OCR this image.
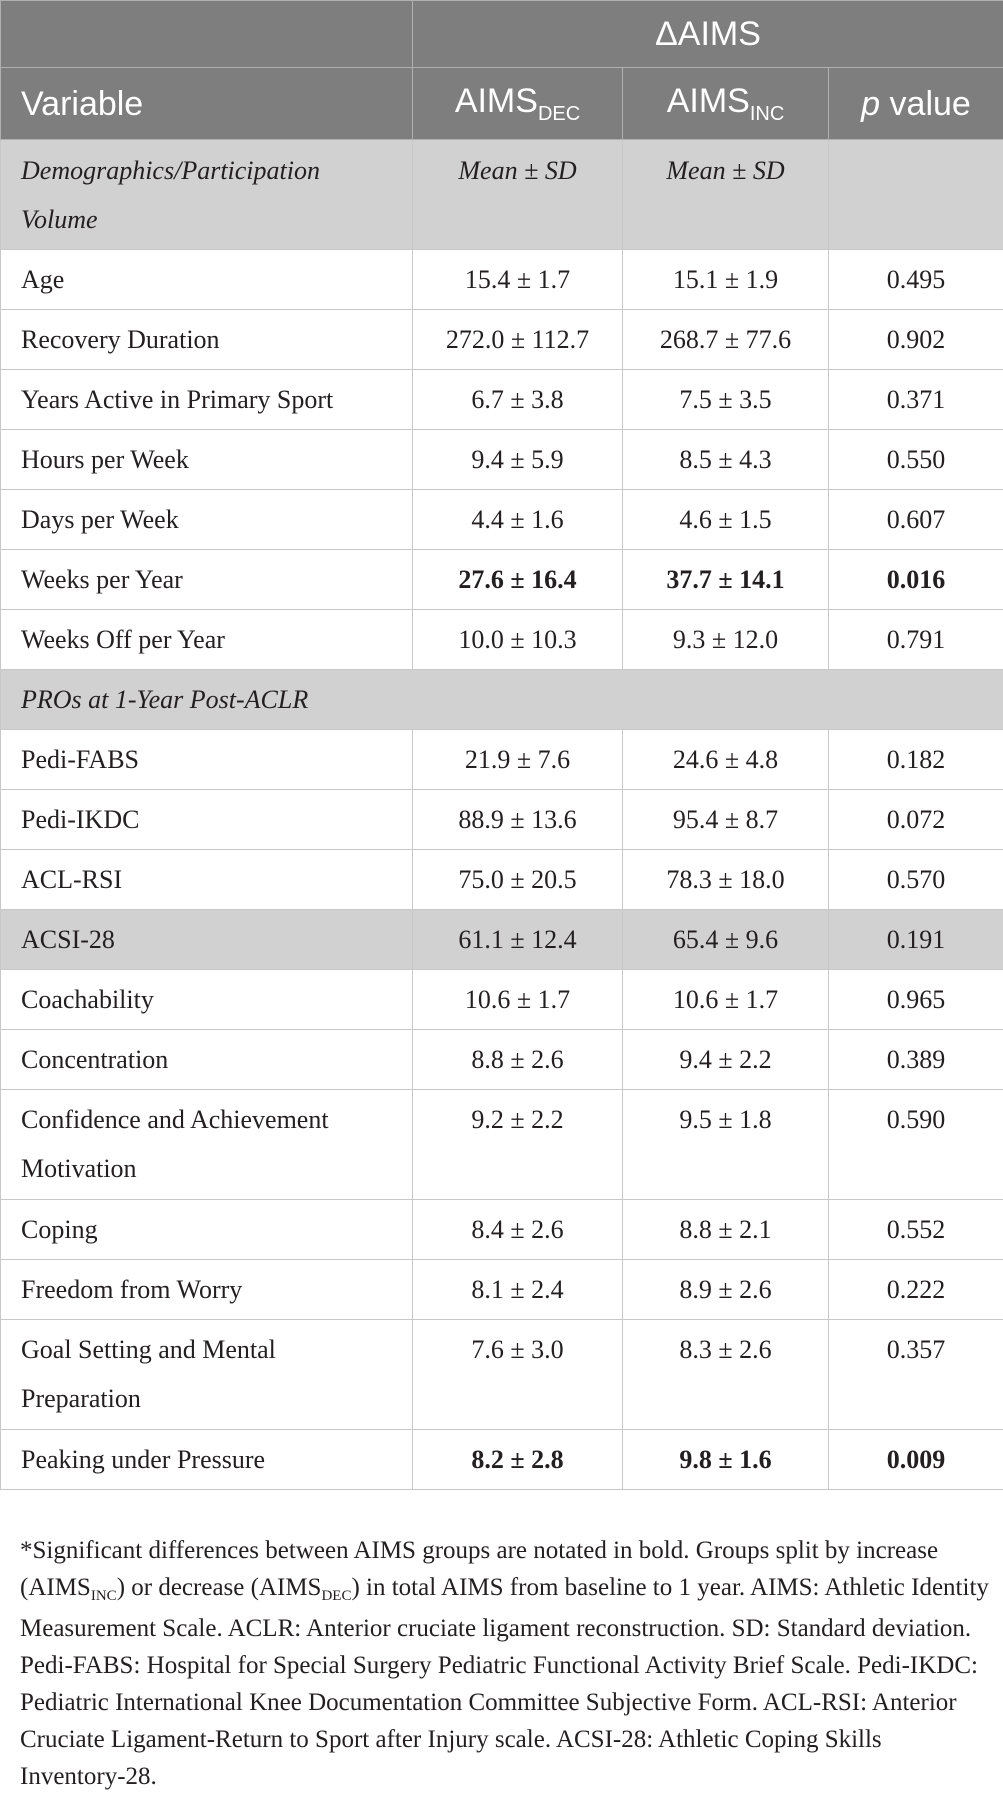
	ΔAIMS		
Variable	$AIMS_{DEC}$	$AIMS_{INC}$	p value
Demographics/Participation
Volume	Mean ± SD	Mean ± SD	
Age	15.4 ± 1.7	15.1 ± 1.9	0.495
Recovery Duration	272.0 ± 112.7	268.7 ± 77.6	0.902
Years Active in Primary Sport	6.7 ± 3.8	7.5 ± 3.5	0.371
Hours per Week	9.4 ± 5.9	8.5 ± 4.3	0.550
Days per Week	4.4 ± 1.6	4.6 ± 1.5	0.607
Weeks per Year	27.6 ± 16.4	37.7 ± 14.1	0.016
Weeks Off per Year	10.0 ± 10.3	9.3 ± 12.0	0.791
PROs at 1-Year Post-ACLR			
Pedi-FABS	21.9 ± 7.6	24.6 ± 4.8	0.182
Pedi-IKDC	88.9 ± 13.6	95.4 ± 8.7	0.072
ACL-RSI	75.0 ± 20.5	78.3 ± 18.0	0.570
ACSI-28	61.1 ± 12.4	65.4 ± 9.6	0.191
Coachability	10.6 ± 1.7	10.6 ± 1.7	0.965
Concentration	8.8 ± 2.6	9.4 ± 2.2	0.389
Confidence and Achievement
Motivation	9.2 ± 2.2	9.5 ± 1.8	0.590
Coping	8.4 ± 2.6	8.8 ± 2.1	0.552
Freedom from Worry	8.1 ± 2.4	8.9 ± 2.6	0.222
Goal Setting and Mental
Preparation	7.6 ± 3.0	8.3 ± 2.6	0.357
Peaking under Pressure	8.2 ± 2.8	9.8 ± 1.6	0.009

*Significant differences between AIMS groups are notated in bold. Groups split by increase $(AIMS_{INC})$ or decrease $(AIMS_{DEC})$ in total AIMS from baseline to 1 year. AIMS: Athletic Identity Measurement Scale. ACLR: Anterior cruciate ligament reconstruction. SD: Standard deviation. Pedi-FABS: Hospital for Special Surgery Pediatric Functional Activity Brief Scale. Pedi-IKDC: Pediatric International Knee Documentation Committee Subjective Form. ACL-RSI: Anterior Cruciate Ligament-Return to Sport after Injury scale. ACSI-28: Athletic Coping Skills Inventory-28.
